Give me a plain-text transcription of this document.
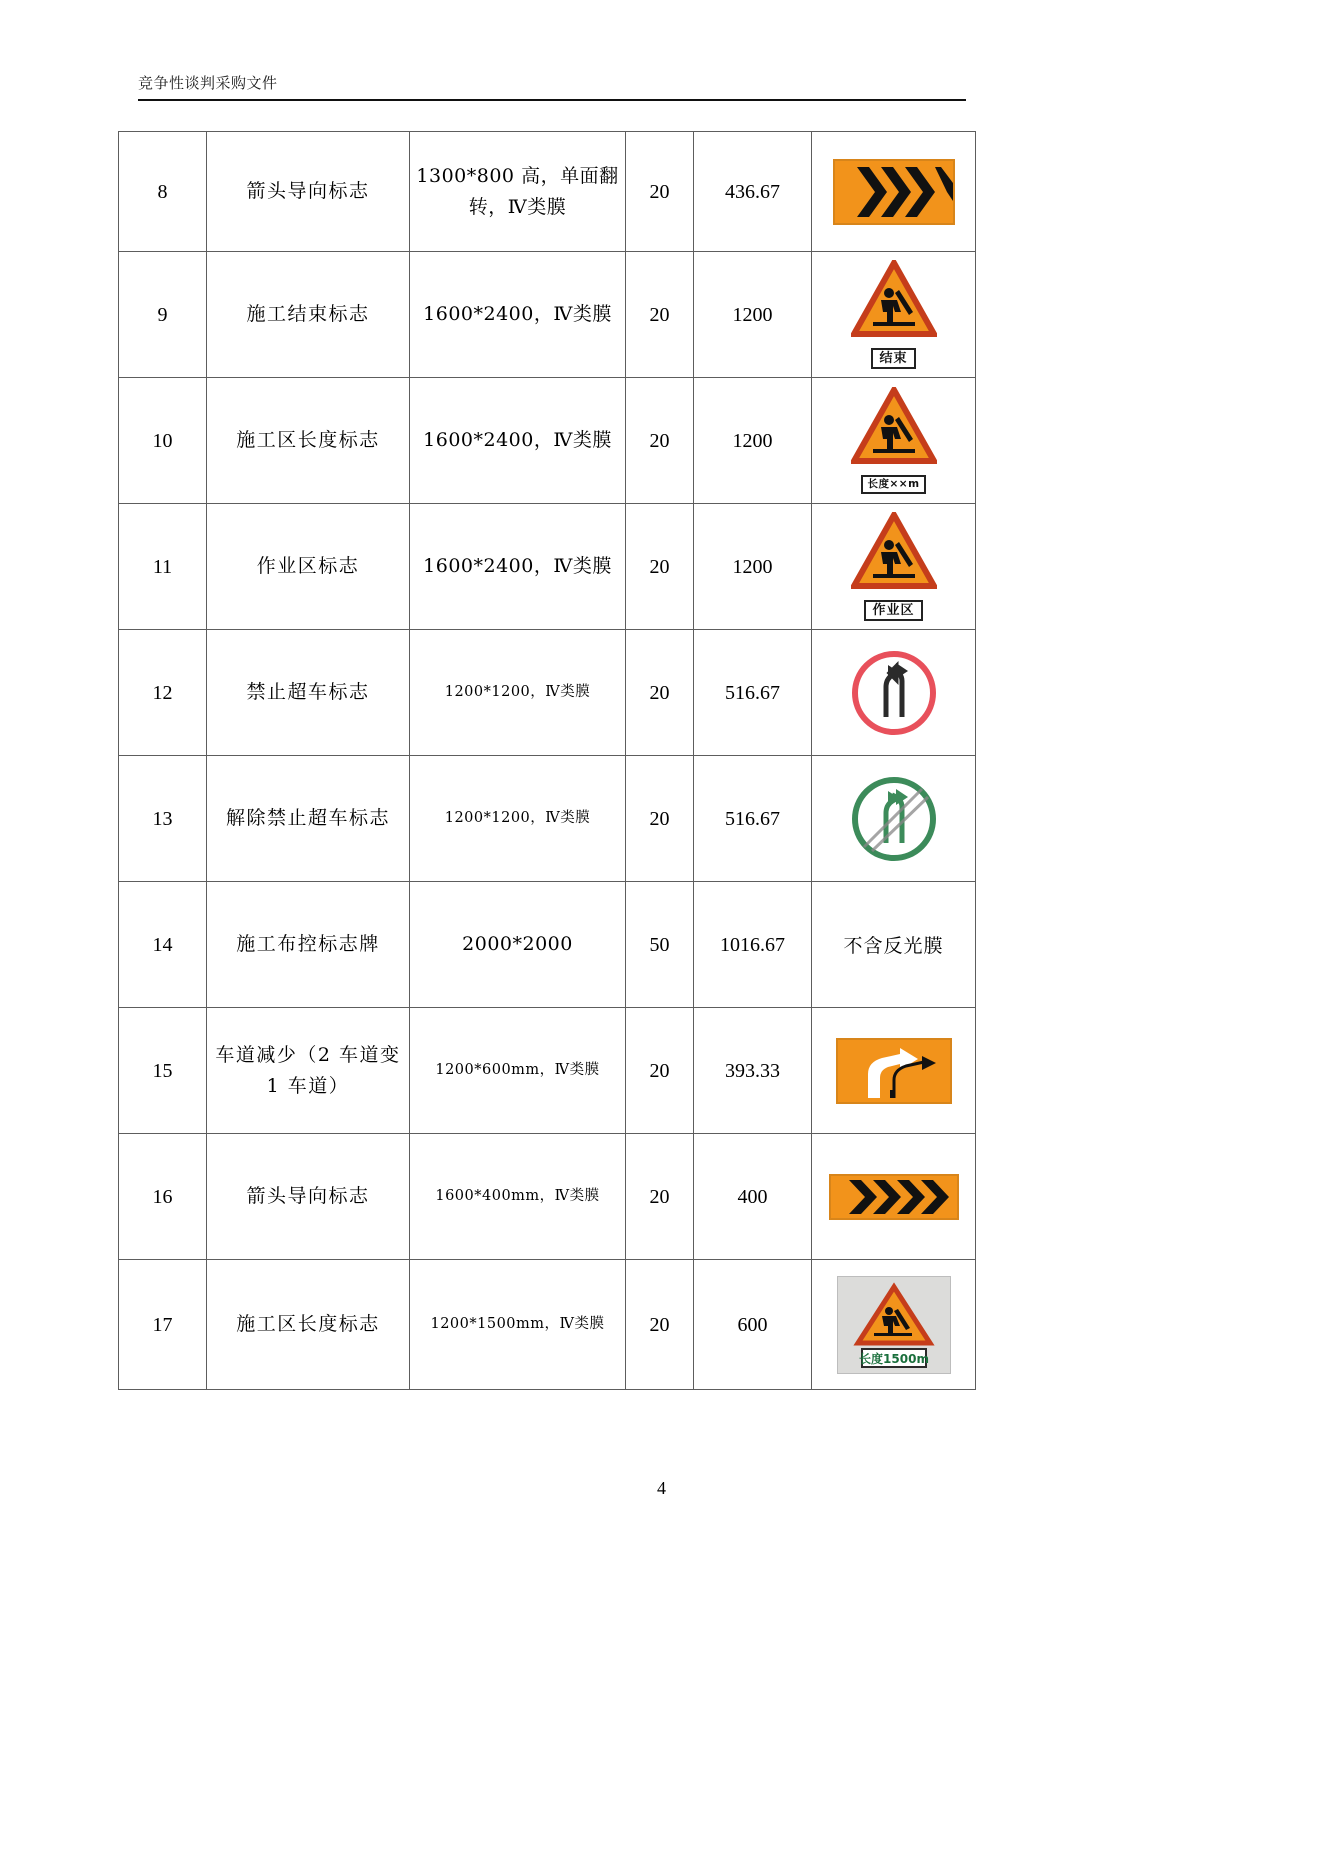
竞争性谈判采购文件
8	箭头导向标志	1300*800 高，单面翻转，Ⅳ类膜	20	436.67	

9	施工结束标志	1600*2400，Ⅳ类膜	20	1200	结束

10	施工区长度标志	1600*2400，Ⅳ类膜	20	1200	长度××m

11	作业区标志	1600*2400，Ⅳ类膜	20	1200	作业区

12	禁止超车标志	1200*1200，Ⅳ类膜	20	516.67	

13	解除禁止超车标志	1200*1200，Ⅳ类膜	20	516.67	

14	施工布控标志牌	2000*2000	50	1016.67	不含反光膜
15	车道减少（2 车道变 1 车道）	1200*600mm，Ⅳ类膜	20	393.33	

16	箭头导向标志	1600*400mm，Ⅳ类膜	20	400	

17	施工区长度标志	1200*1500mm，Ⅳ类膜	20	600	长度1500m
4
